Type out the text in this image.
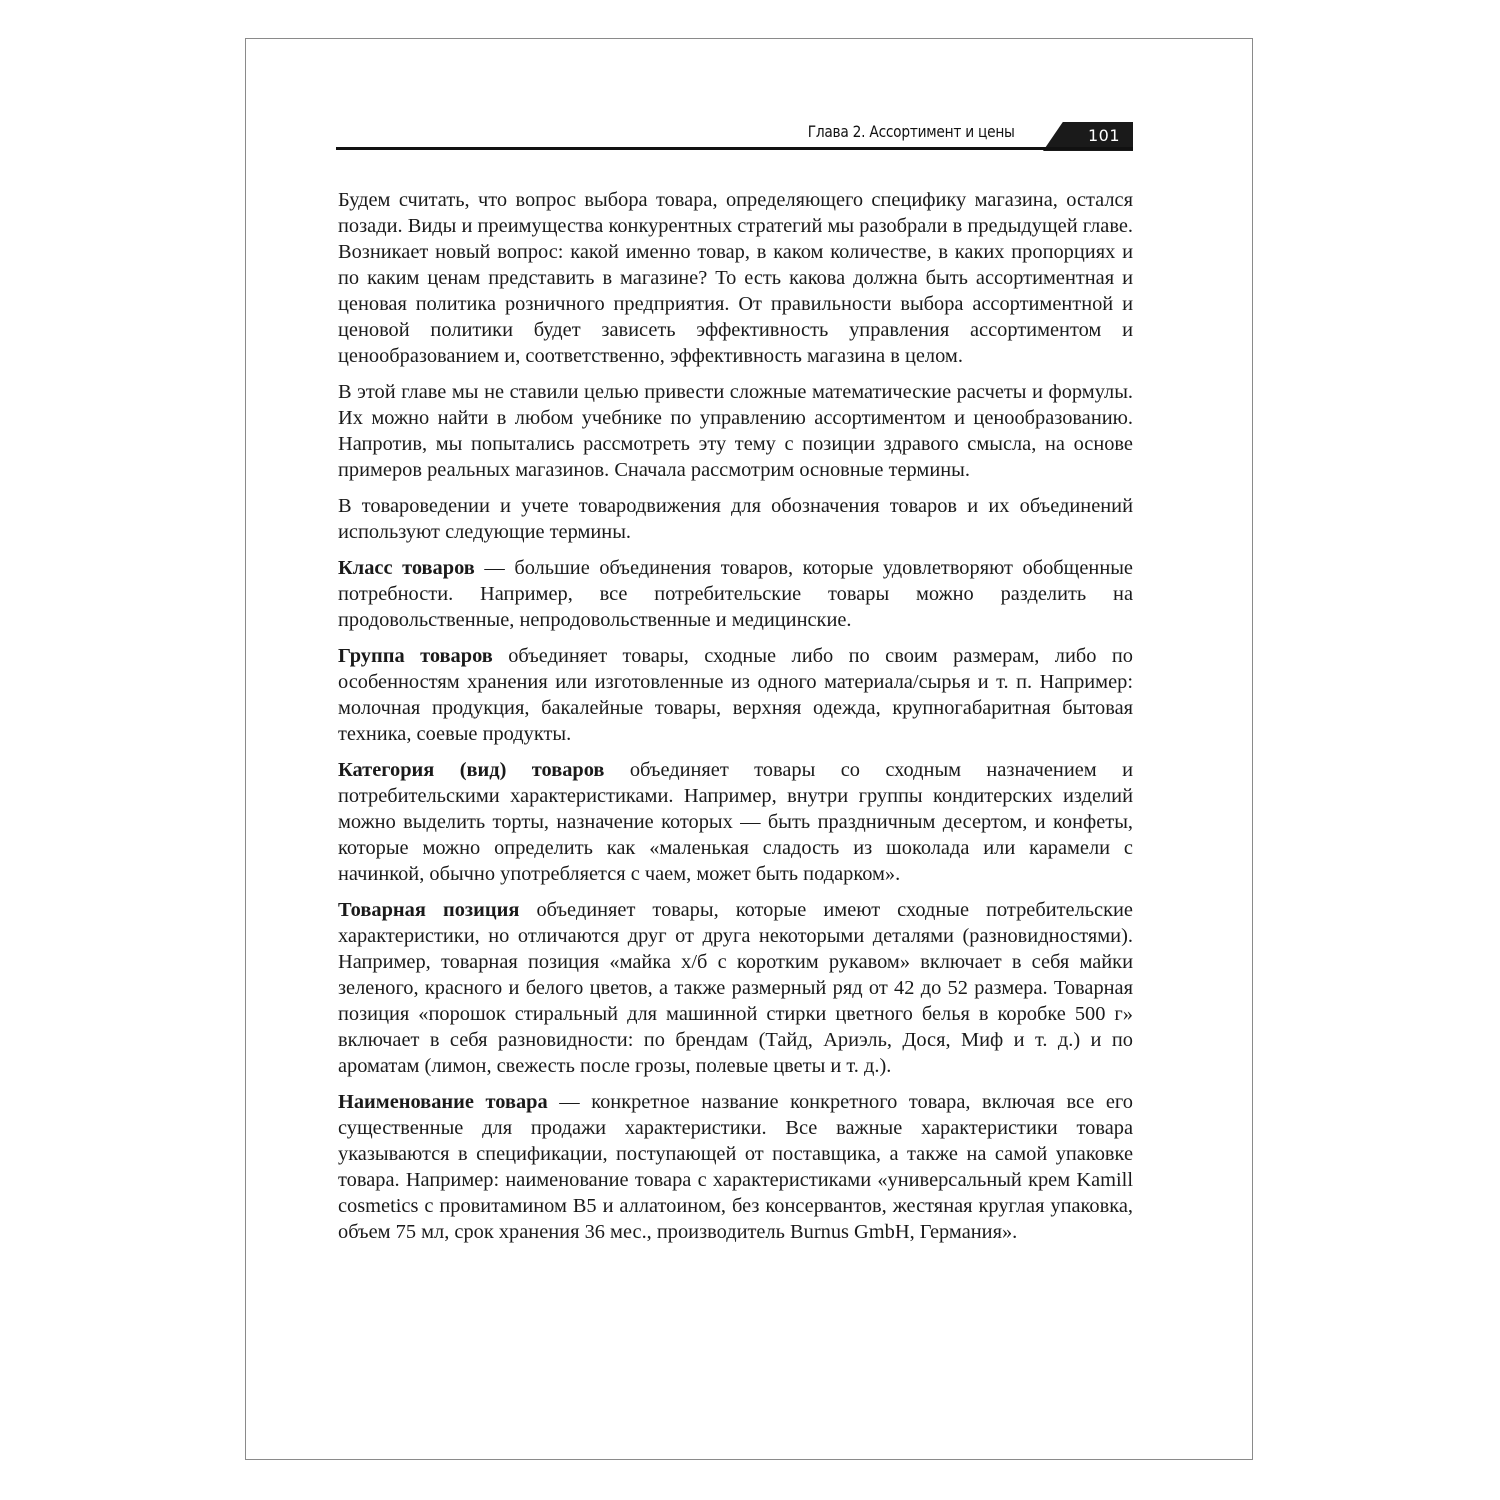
Глава 2. Ассортимент и цены	101

Будем считать, что вопрос выбора товара, определяющего специфику магазина, остался позади. Виды и преимущества конкурентных стратегий мы разобрали в предыдущей главе. Возникает новый вопрос: какой именно товар, в каком количестве, в каких пропорциях и по каким ценам представить в магазине? То есть какова должна быть ассортиментная и ценовая политика розничного предприятия. От правильности выбора ассортиментной и ценовой политики будет зависеть эффективность управления ассортиментом и ценообразованием и, соответственно, эффективность магазина в целом.

В этой главе мы не ставили целью привести сложные математические расчеты и формулы. Их можно найти в любом учебнике по управлению ассортиментом и ценообразованию. Напротив, мы попытались рассмотреть эту тему с позиции здравого смысла, на основе примеров реальных магазинов. Сначала рассмотрим основные термины.

В товароведении и учете товародвижения для обозначения товаров и их объединений используют следующие термины.

Класс товаров — большие объединения товаров, которые удовлетворяют обобщенные потребности. Например, все потребительские товары можно разделить на продовольственные, непродовольственные и медицинские.

Группа товаров объединяет товары, сходные либо по своим размерам, либо по особенностям хранения или изготовленные из одного материала/сырья и т. п. Например: молочная продукция, бакалейные товары, верхняя одежда, крупногабаритная бытовая техника, соевые продукты.

Категория (вид) товаров объединяет товары со сходным назначением и потребительскими характеристиками. Например, внутри группы кондитерских изделий можно выделить торты, назначение которых — быть праздничным десертом, и конфеты, которые можно определить как «маленькая сладость из шоколада или карамели с начинкой, обычно употребляется с чаем, может быть подарком».

Товарная позиция объединяет товары, которые имеют сходные потребительские характеристики, но отличаются друг от друга некоторыми деталями (разновидностями). Например, товарная позиция «майка х/б с коротким рукавом» включает в себя майки зеленого, красного и белого цветов, а также размерный ряд от 42 до 52 размера. Товарная позиция «порошок стиральный для машинной стирки цветного белья в коробке 500 г» включает в себя разновидности: по брендам (Тайд, Ариэль, Дося, Миф и т. д.) и по ароматам (лимон, свежесть после грозы, полевые цветы и т. д.).

Наименование товара — конкретное название конкретного товара, включая все его существенные для продажи характеристики. Все важные характеристики товара указываются в спецификации, поступающей от поставщика, а также на самой упаковке товара. Например: наименование товара с характеристиками «универсальный крем Kamill cosmetics с провитамином В5 и аллатоином, без консервантов, жестяная круглая упаковка, объем 75 мл, срок хранения 36 мес., производитель Burnus GmbH, Германия».
